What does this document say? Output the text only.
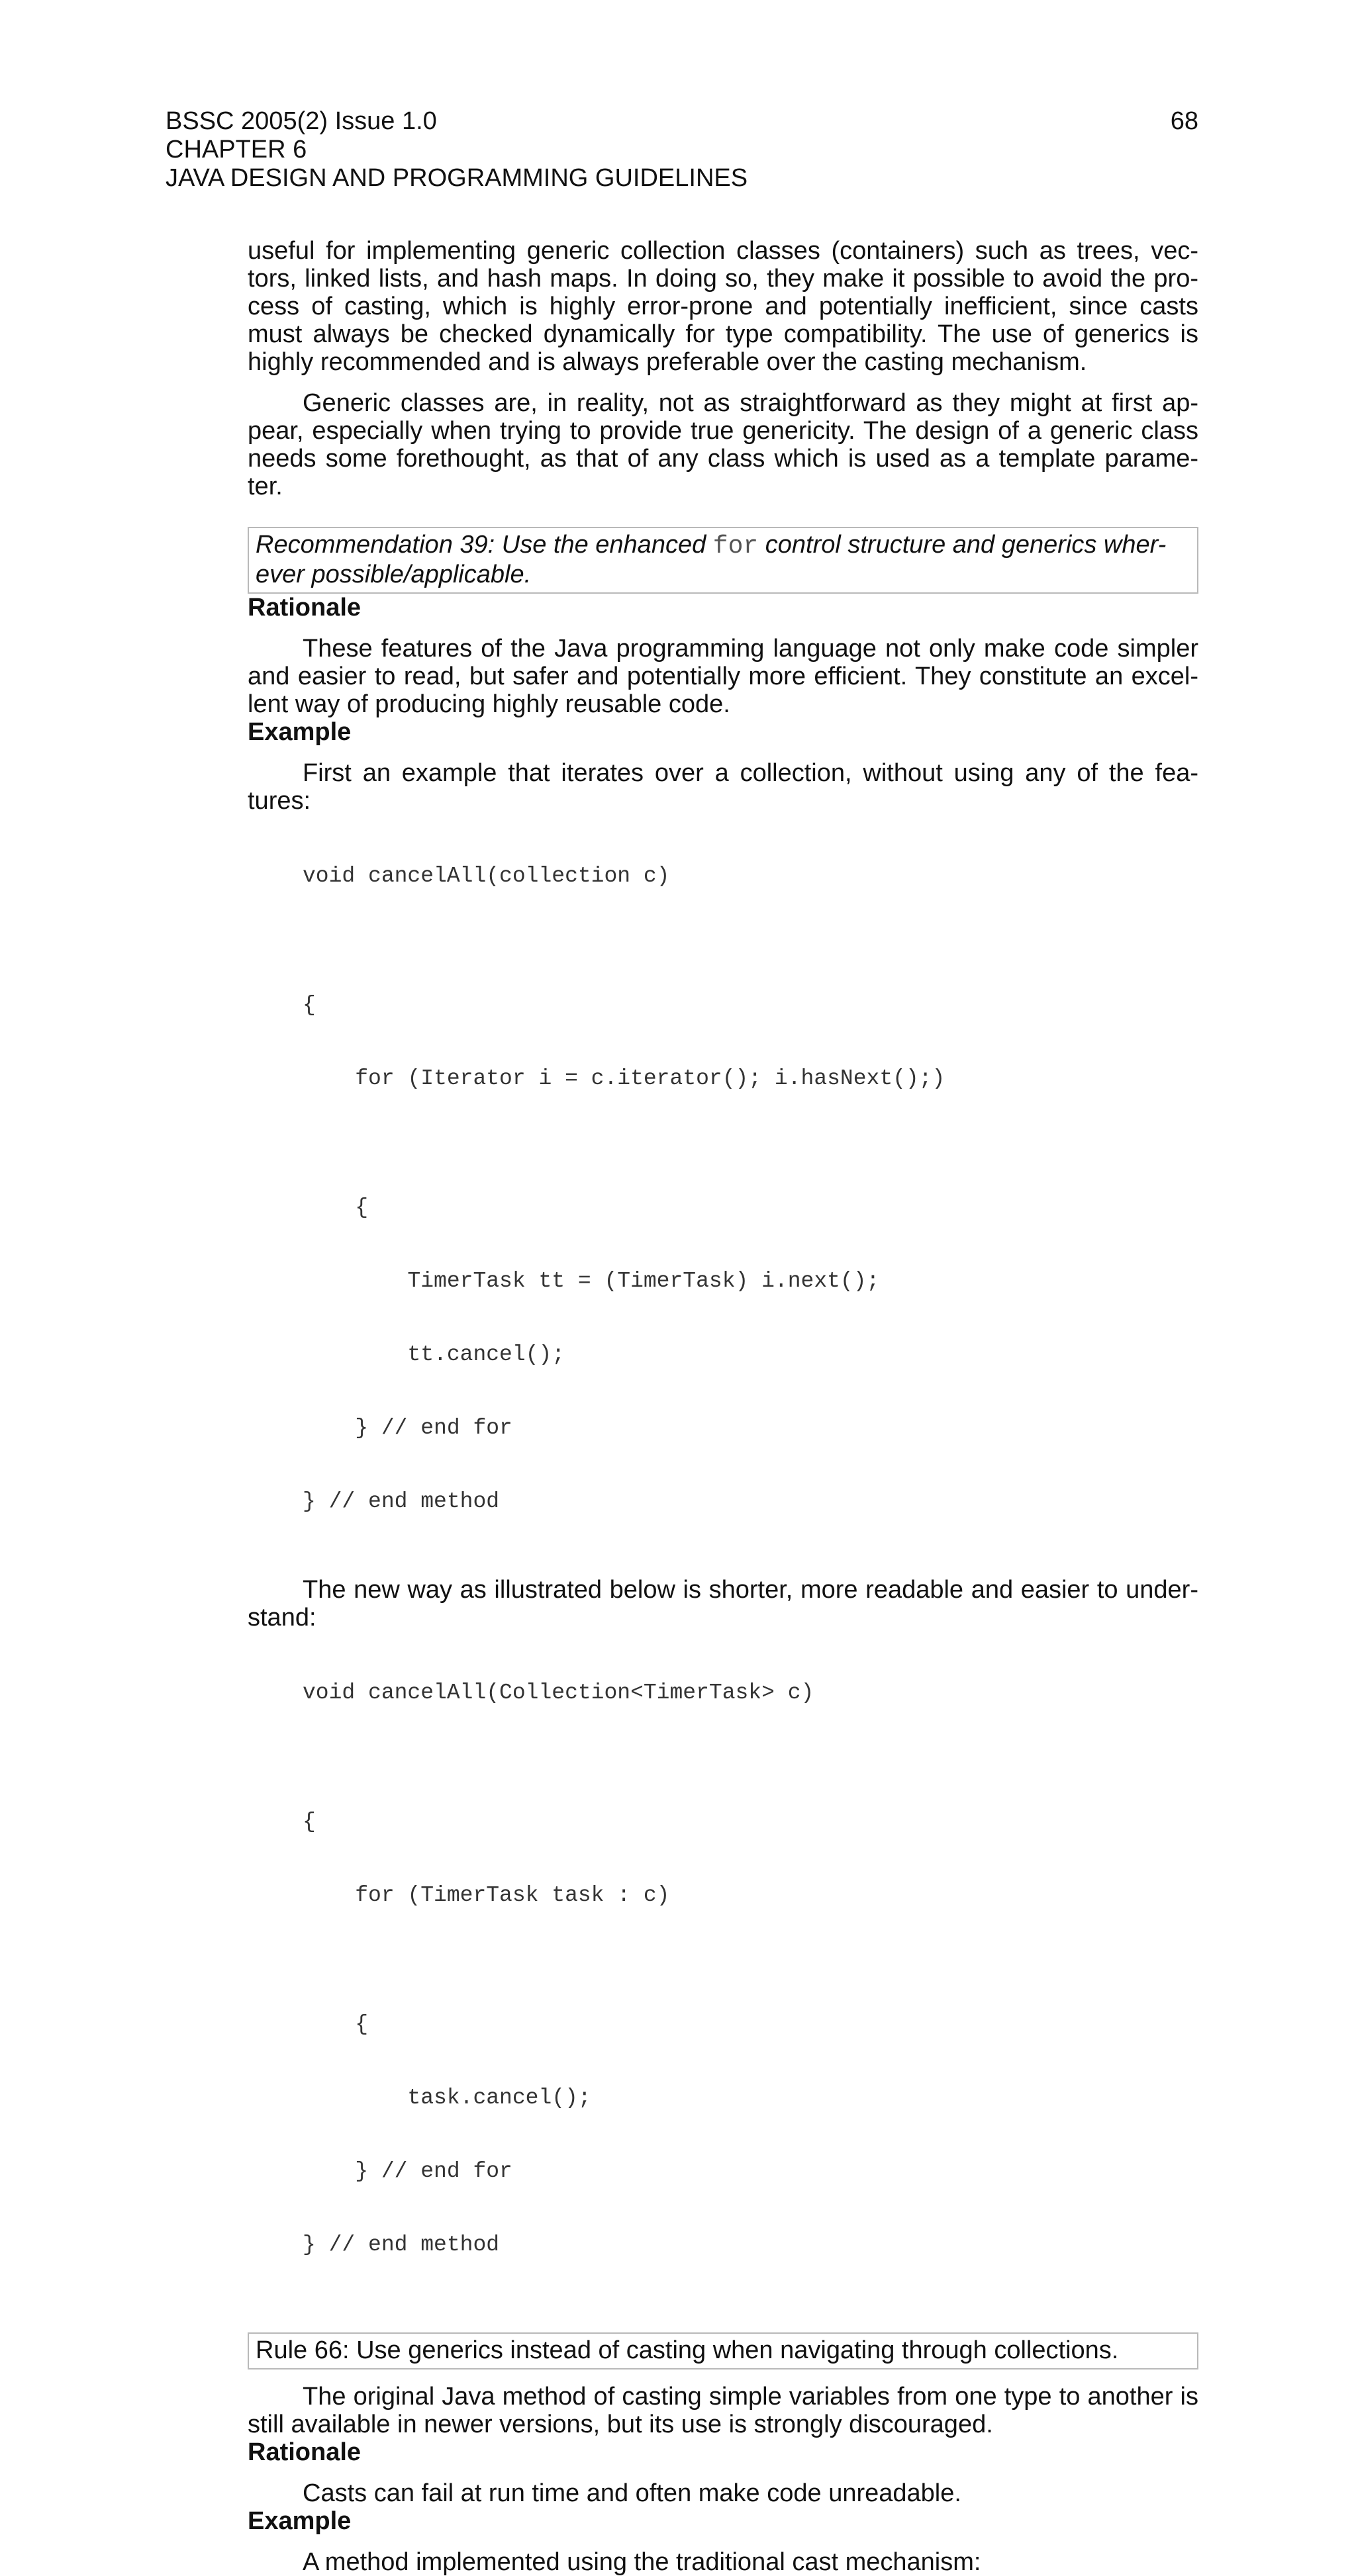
BSSC 2005(2) Issue 1.0
CHAPTER 6
JAVA DESIGN AND PROGRAMMING GUIDELINES
68

useful for implementing generic collection classes (containers) such as trees, vec-tors, linked lists, and hash maps. In doing so, they make it possible to avoid the pro-cess of casting, which is highly error-prone and potentially inefficient, since casts must always be checked dynamically for type compatibility. The use of generics is highly recommended and is always preferable over the casting mechanism.

Generic classes are, in reality, not as straightforward as they might at first ap-pear, especially when trying to provide true genericity. The design of a generic class needs some forethought, as that of any class which is used as a template parame-ter.

Recommendation 39: Use the enhanced for control structure and generics wher-ever possible/applicable.

Rationale

These features of the Java programming language not only make code simpler and easier to read, but safer and potentially more efficient. They constitute an excel-lent way of producing highly reusable code.

Example

First an example that iterates over a collection, without using any of the fea-tures:

void cancelAll(collection c)

{

for (Iterator i = c.iterator(); i.hasNext();)

{

TimerTask tt = (TimerTask) i.next();

tt.cancel();

} // end for

} // end method

The new way as illustrated below is shorter, more readable and easier to under-stand:

void cancelAll(Collection<TimerTask> c)

{

for (TimerTask task : c)

{

task.cancel();

} // end for

} // end method

Rule 66: Use generics instead of casting when navigating through collections.

The original Java method of casting simple variables from one type to another is still available in newer versions, but its use is strongly discouraged.

Rationale

Casts can fail at run time and often make code unreadable.

Example

A method implemented using the traditional cast mechanism:
